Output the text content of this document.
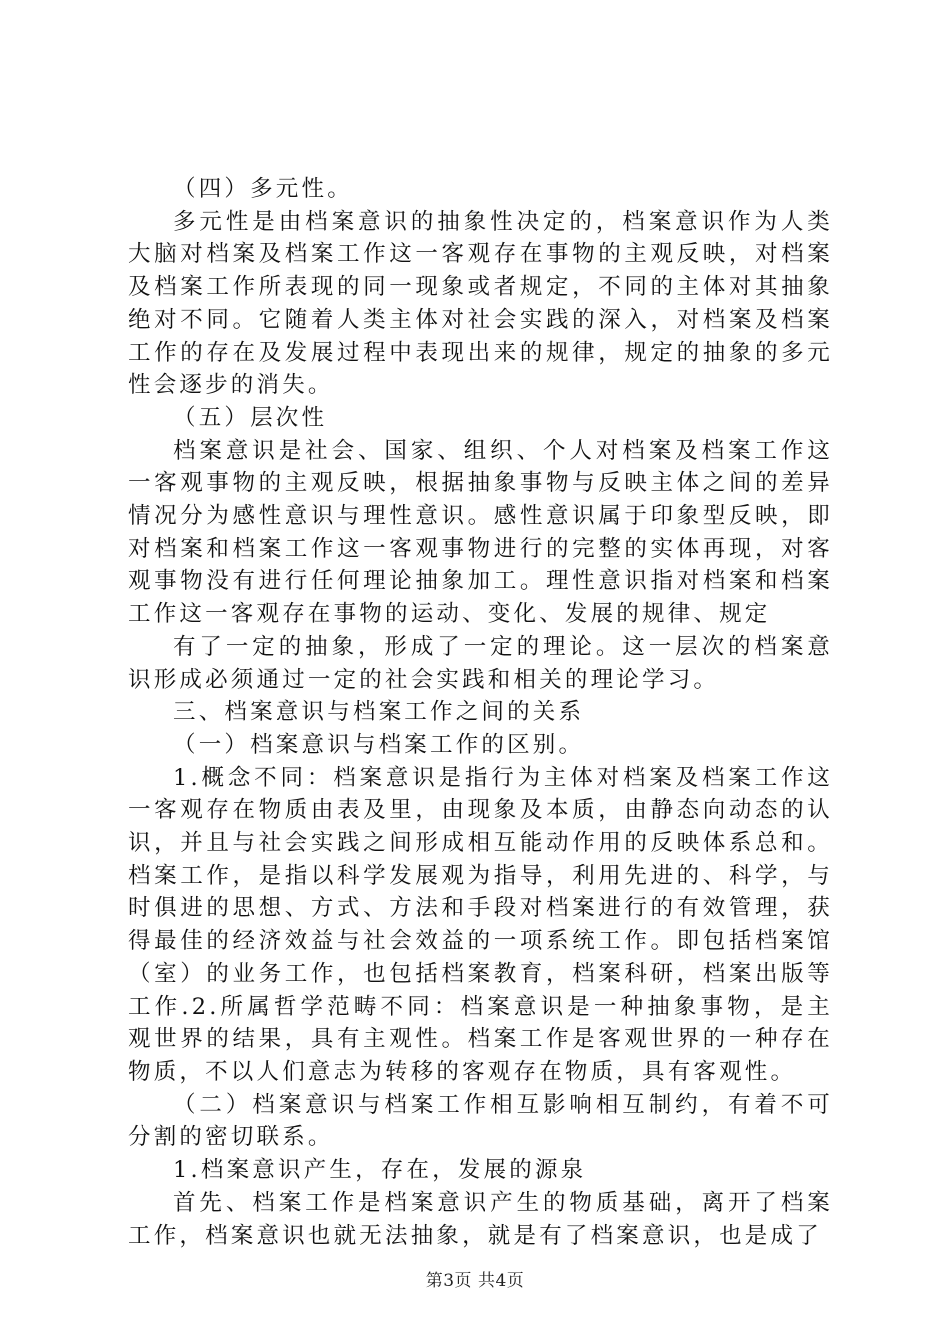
（四）多元性。

多元性是由档案意识的抽象性决定的，档案意识作为人类大脑对档案及档案工作这一客观存在事物的主观反映，对档案及档案工作所表现的同一现象或者规定，不同的主体对其抽象绝对不同。它随着人类主体对社会实践的深入，对档案及档案工作的存在及发展过程中表现出来的规律，规定的抽象的多元性会逐步的消失。

（五）层次性

档案意识是社会、国家、组织、个人对档案及档案工作这一客观事物的主观反映，根据抽象事物与反映主体之间的差异情况分为感性意识与理性意识。感性意识属于印象型反映，即对档案和档案工作这一客观事物进行的完整的实体再现，对客观事物没有进行任何理论抽象加工。理性意识指对档案和档案工作这一客观存在事物的运动、变化、发展的规律、规定

有了一定的抽象，形成了一定的理论。这一层次的档案意识形成必须通过一定的社会实践和相关的理论学习。

三、档案意识与档案工作之间的关系

（一）档案意识与档案工作的区别。

1.概念不同：档案意识是指行为主体对档案及档案工作这一客观存在物质由表及里，由现象及本质，由静态向动态的认识，并且与社会实践之间形成相互能动作用的反映体系总和。档案工作，是指以科学发展观为指导，利用先进的、科学，与时俱进的思想、方式、方法和手段对档案进行的有效管理，获得最佳的经济效益与社会效益的一项系统工作。即包括档案馆（室）的业务工作，也包括档案教育，档案科研，档案出版等工作.2.所属哲学范畴不同：档案意识是一种抽象事物，是主观世界的结果，具有主观性。档案工作是客观世界的一种存在物质，不以人们意志为转移的客观存在物质，具有客观性。

（二）档案意识与档案工作相互影响相互制约，有着不可分割的密切联系。

1.档案意识产生，存在，发展的源泉

首先、档案工作是档案意识产生的物质基础，离开了档案工作，档案意识也就无法抽象，就是有了档案意识，也是成了

第3页 共4页
